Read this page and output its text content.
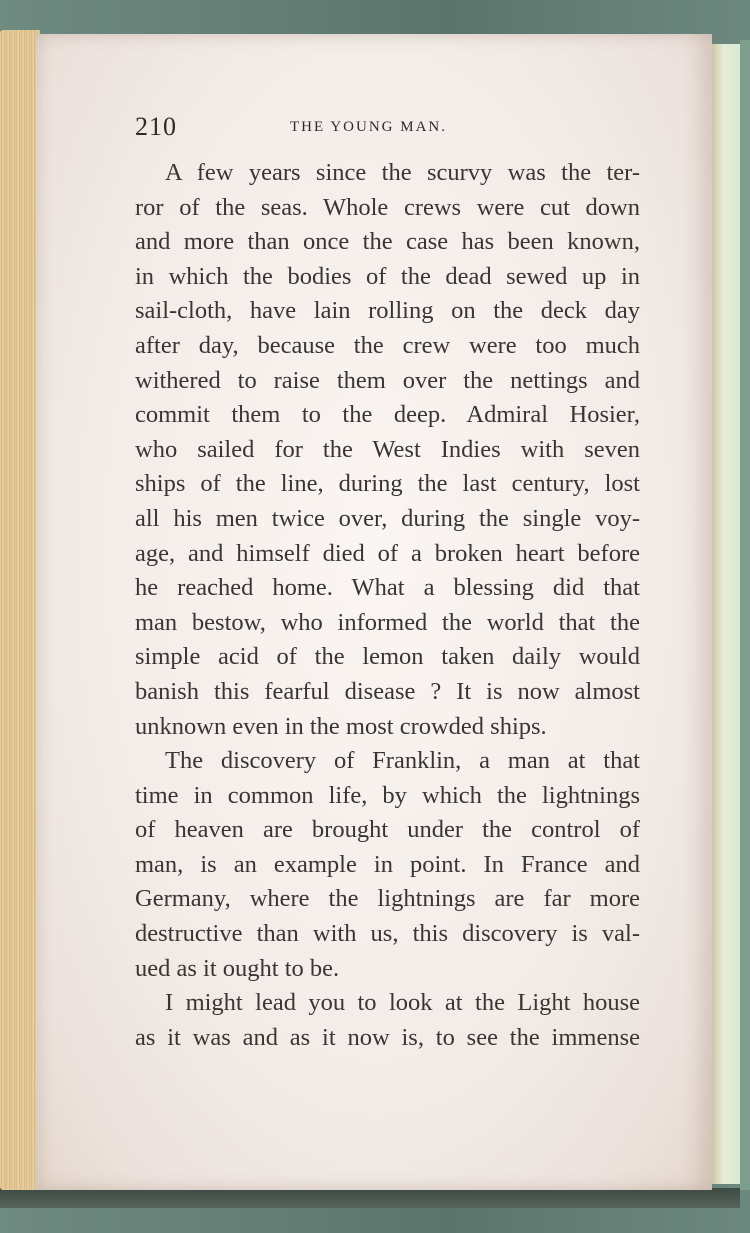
210	THE YOUNG MAN.
A few years since the scurvy was the ter-
ror of the seas. Whole crews were cut down
and more than once the case has been known,
in which the bodies of the dead sewed up in
sail-cloth, have lain rolling on the deck day
after day, because the crew were too much
withered to raise them over the nettings and
commit them to the deep. Admiral Hosier,
who sailed for the West Indies with seven
ships of the line, during the last century, lost
all his men twice over, during the single voy-
age, and himself died of a broken heart before
he reached home. What a blessing did that
man bestow, who informed the world that the
simple acid of the lemon taken daily would
banish this fearful disease ? It is now almost
unknown even in the most crowded ships.
The discovery of Franklin, a man at that
time in common life, by which the lightnings
of heaven are brought under the control of
man, is an example in point. In France and
Germany, where the lightnings are far more
destructive than with us, this discovery is val-
ued as it ought to be.
I might lead you to look at the Light house
as it was and as it now is, to see the immense
